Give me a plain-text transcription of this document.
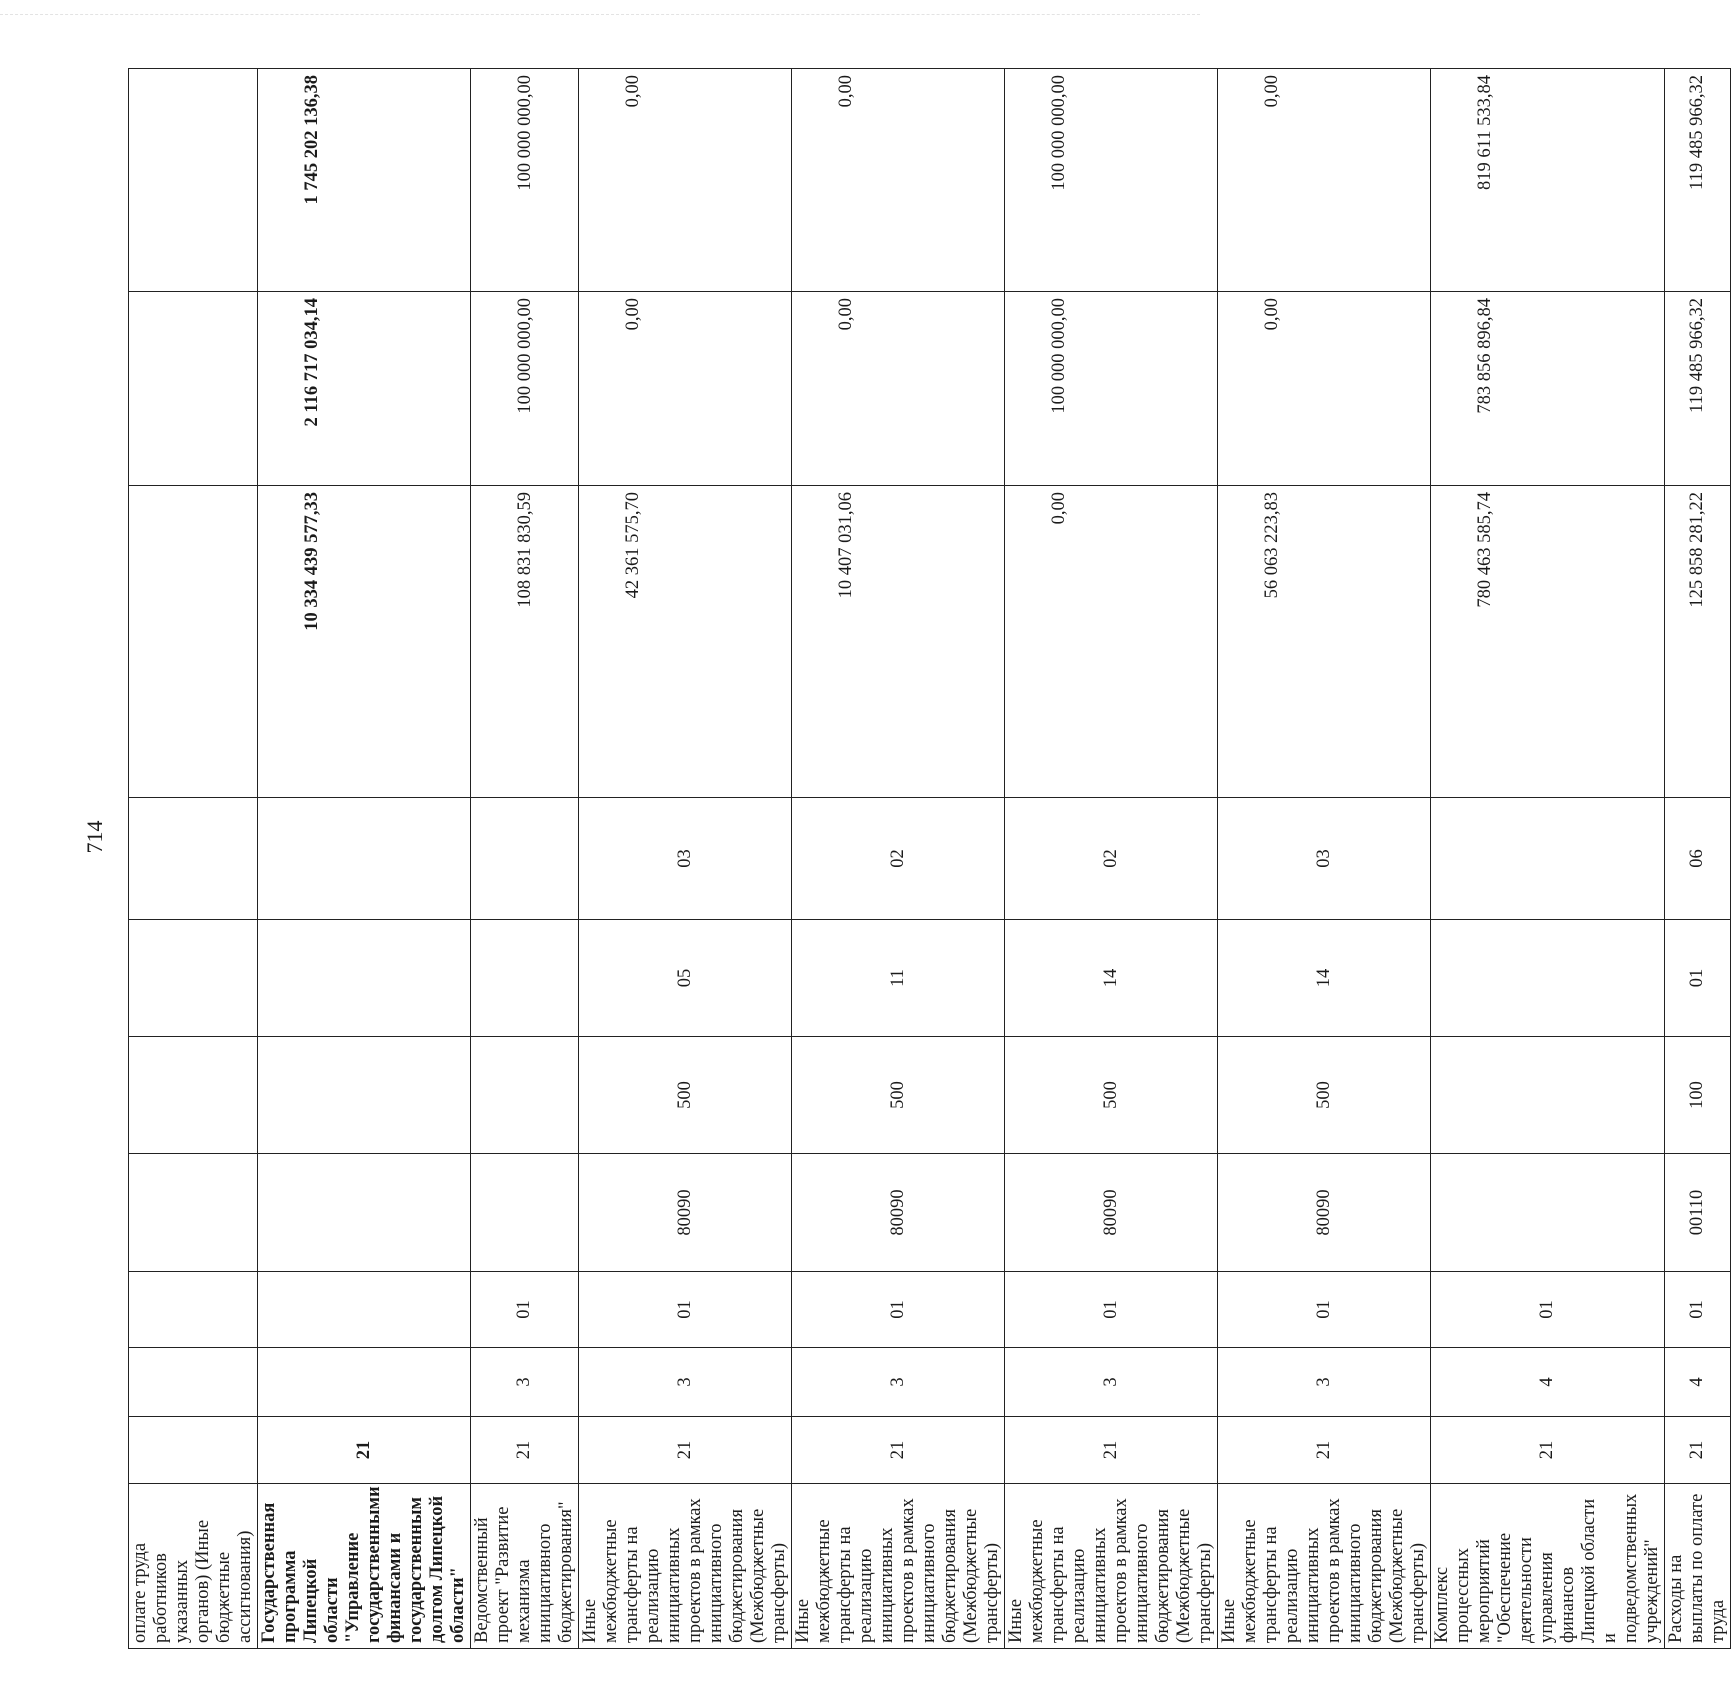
714
оплате труда работников указанных органов) (Иные бюджетные ассигнования)										
Государственная программа Липецкой области "Управление государственными финансами и государственным долгом Липецкой области"	21							10 334 439 577,33	2 116 717 034,14	1 745 202 136,38
Ведомственный проект "Развитие механизма инициативного бюджетирования"	21	3	01					108 831 830,59	100 000 000,00	100 000 000,00
Иные межбюджетные трансферты на реализацию инициативных проектов в рамках инициативного бюджетирования (Межбюджетные трансферты)	21	3	01	80090	500	05	03	42 361 575,70	0,00	0,00
Иные межбюджетные трансферты на реализацию инициативных проектов в рамках инициативного бюджетирования (Межбюджетные трансферты)	21	3	01	80090	500	11	02	10 407 031,06	0,00	0,00
Иные межбюджетные трансферты на реализацию инициативных проектов в рамках инициативного бюджетирования (Межбюджетные трансферты)	21	3	01	80090	500	14	02	0,00	100 000 000,00	100 000 000,00
Иные межбюджетные трансферты на реализацию инициативных проектов в рамках инициативного бюджетирования (Межбюджетные трансферты)	21	3	01	80090	500	14	03	56 063 223,83	0,00	0,00
Комплекс процессных мероприятий "Обеспечение деятельности управления финансов Липецкой области и подведомственных учреждений"	21	4	01					780 463 585,74	783 856 896,84	819 611 533,84
Расходы на выплаты по оплате труда	21	4	01	00110	100	01	06	125 858 281,22	119 485 966,32	119 485 966,32
